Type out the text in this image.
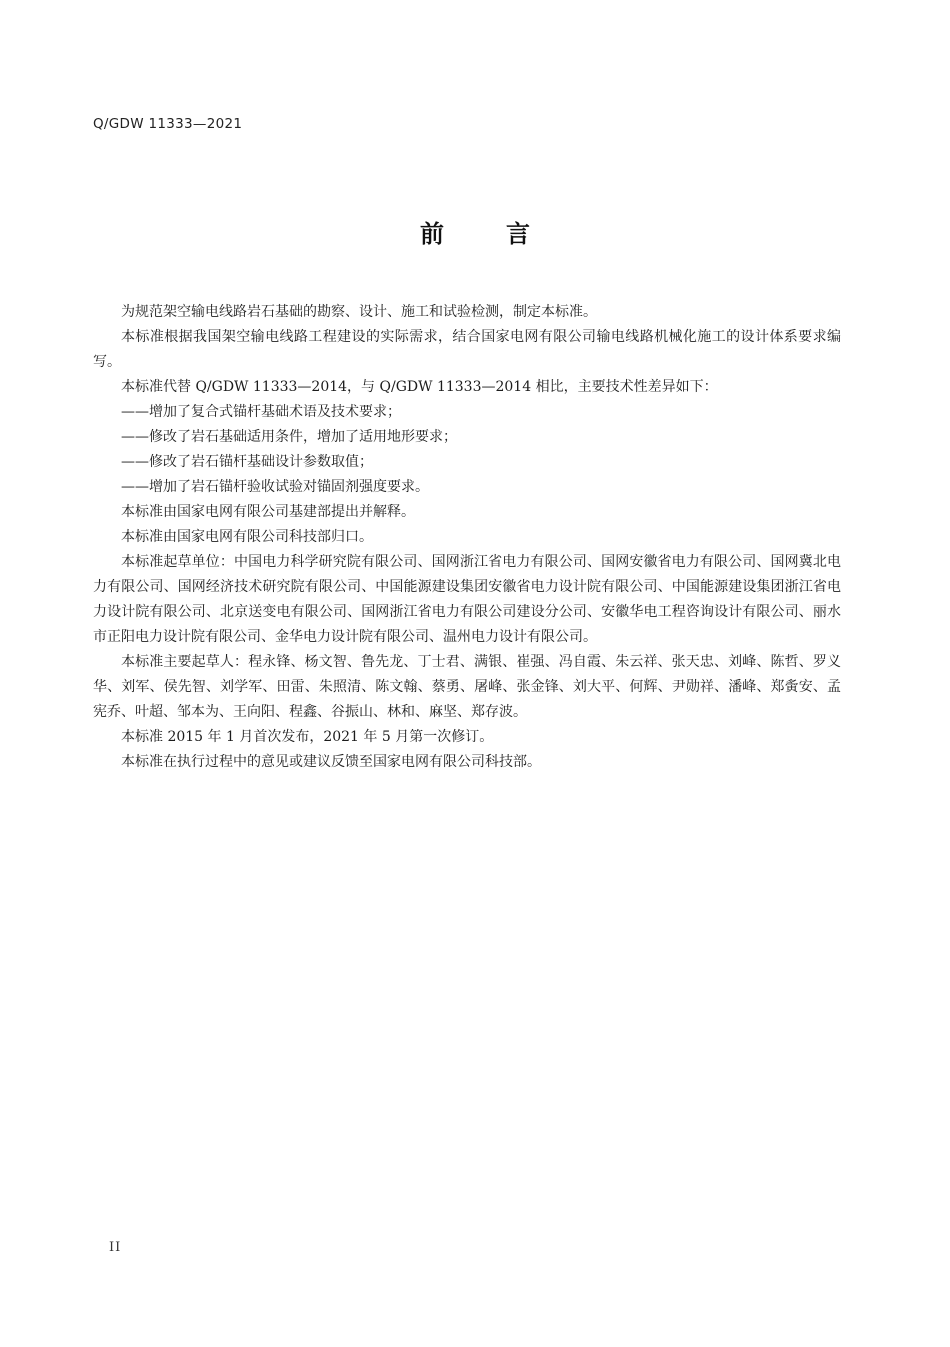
Q/GDW 11333—2021
前言

为规范架空输电线路岩石基础的勘察、设计、施工和试验检测，制定本标准。

本标准根据我国架空输电线路工程建设的实际需求，结合国家电网有限公司输电线路机械化施工的设计体系要求编写。

本标准代替 Q/GDW 11333—2014，与 Q/GDW 11333—2014 相比，主要技术性差异如下：

——增加了复合式锚杆基础术语及技术要求；

——修改了岩石基础适用条件，增加了适用地形要求；

——修改了岩石锚杆基础设计参数取值；

——增加了岩石锚杆验收试验对锚固剂强度要求。

本标准由国家电网有限公司基建部提出并解释。

本标准由国家电网有限公司科技部归口。

本标准起草单位：中国电力科学研究院有限公司、国网浙江省电力有限公司、国网安徽省电力有限公司、国网冀北电力有限公司、国网经济技术研究院有限公司、中国能源建设集团安徽省电力设计院有限公司、中国能源建设集团浙江省电力设计院有限公司、北京送变电有限公司、国网浙江省电力有限公司建设分公司、安徽华电工程咨询设计有限公司、丽水市正阳电力设计院有限公司、金华电力设计院有限公司、温州电力设计有限公司。

本标准主要起草人：程永锋、杨文智、鲁先龙、丁士君、满银、崔强、冯自霞、朱云祥、张天忠、刘峰、陈哲、罗义华、刘军、侯先智、刘学军、田雷、朱照清、陈文翰、蔡勇、屠峰、张金锋、刘大平、何辉、尹勋祥、潘峰、郑夤安、孟宪乔、叶超、邹本为、王向阳、程鑫、谷振山、林和、麻坚、郑存波。

本标准 2015 年 1 月首次发布，2021 年 5 月第一次修订。

本标准在执行过程中的意见或建议反馈至国家电网有限公司科技部。

II
